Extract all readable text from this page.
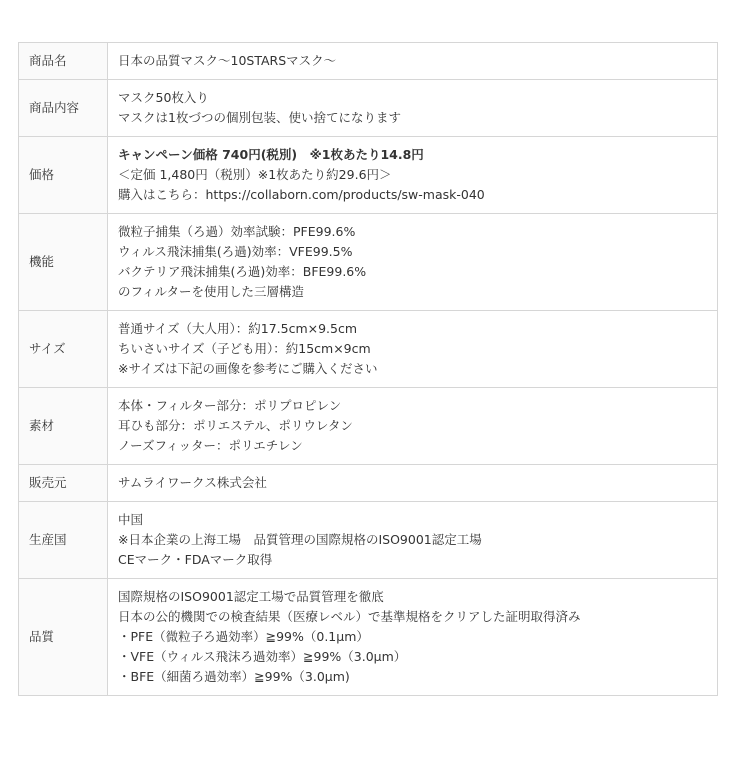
商品名	日本の品質マスク〜10STARSマスク〜

商品内容	マスク50枚入り
マスクは1枚づつの個別包装、使い捨てになります

価格	キャンペーン価格 740円(税別)　※1枚あたり14.8円
＜定価 1,480円（税別）※1枚あたり約29.6円＞
購入はこちら：https://collaborn.com/products/sw-mask-040

機能	微粒子捕集（ろ過）効率試験：PFE99.6%
ウィルス飛沫捕集(ろ過)効率：VFE99.5%
バクテリア飛沫捕集(ろ過)効率：BFE99.6%
のフィルターを使用した三層構造

サイズ	普通サイズ（大人用）：約17.5cm×9.5cm
ちいさいサイズ（子ども用）：約15cm×9cm
※サイズは下記の画像を参考にご購入ください

素材	本体・フィルター部分：ポリプロピレン
耳ひも部分：ポリエステル、ポリウレタン
ノーズフィッター：ポリエチレン

販売元	サムライワークス株式会社

生産国	中国
※日本企業の上海工場　品質管理の国際規格のISO9001認定工場
CEマーク・FDAマーク取得

品質	国際規格のISO9001認定工場で品質管理を徹底
日本の公的機関での検査結果（医療レベル）で基準規格をクリアした証明取得済み
・PFE（微粒子ろ過効率）≧99%（0.1μm）
・VFE（ウィルス飛沫ろ過効率）≧99%（3.0μm）
・BFE（細菌ろ過効率）≧99%（3.0μm)
